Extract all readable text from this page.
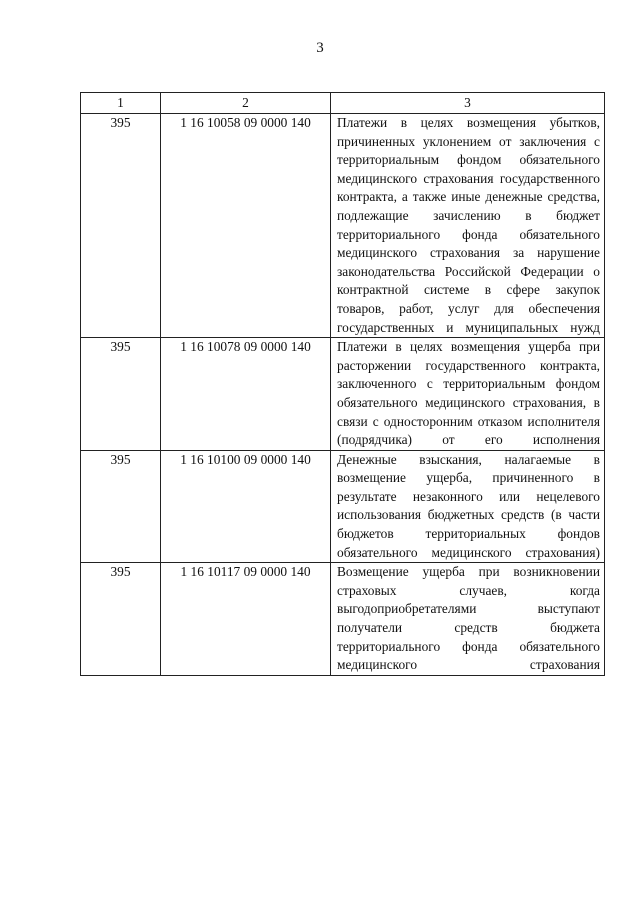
3
1	2	3
395	1 16 10058 09 0000 140	Платежи в целях возмещения убытков, причиненных уклонением от заключения с территориальным фондом обязательного медицинского страхования государственного контракта, а также иные денежные средства, подлежащие зачислению в бюджет территориального фонда обязательного медицинского страхования за нарушение законодательства Российской Федерации о контрактной системе в сфере закупок товаров, работ, услуг для обеспечения государственных и муниципальных нужд

395	1 16 10078 09 0000 140	Платежи в целях возмещения ущерба при расторжении государственного контракта, заключенного с территориальным фондом обязательного медицинского страхования, в связи с односторонним отказом исполнителя (подрядчика) от его исполнения

395	1 16 10100 09 0000 140	Денежные взыскания, налагаемые в возмещение ущерба, причиненного в результате незаконного или нецелевого использования бюджетных средств (в части бюджетов территориальных фондов обязательного медицинского страхования)

395	1 16 10117 09 0000 140	Возмещение ущерба при возникновении страховых случаев, когда выгодоприобретателями выступают получатели средств бюджета территориального фонда обязательного медицинского страхования
